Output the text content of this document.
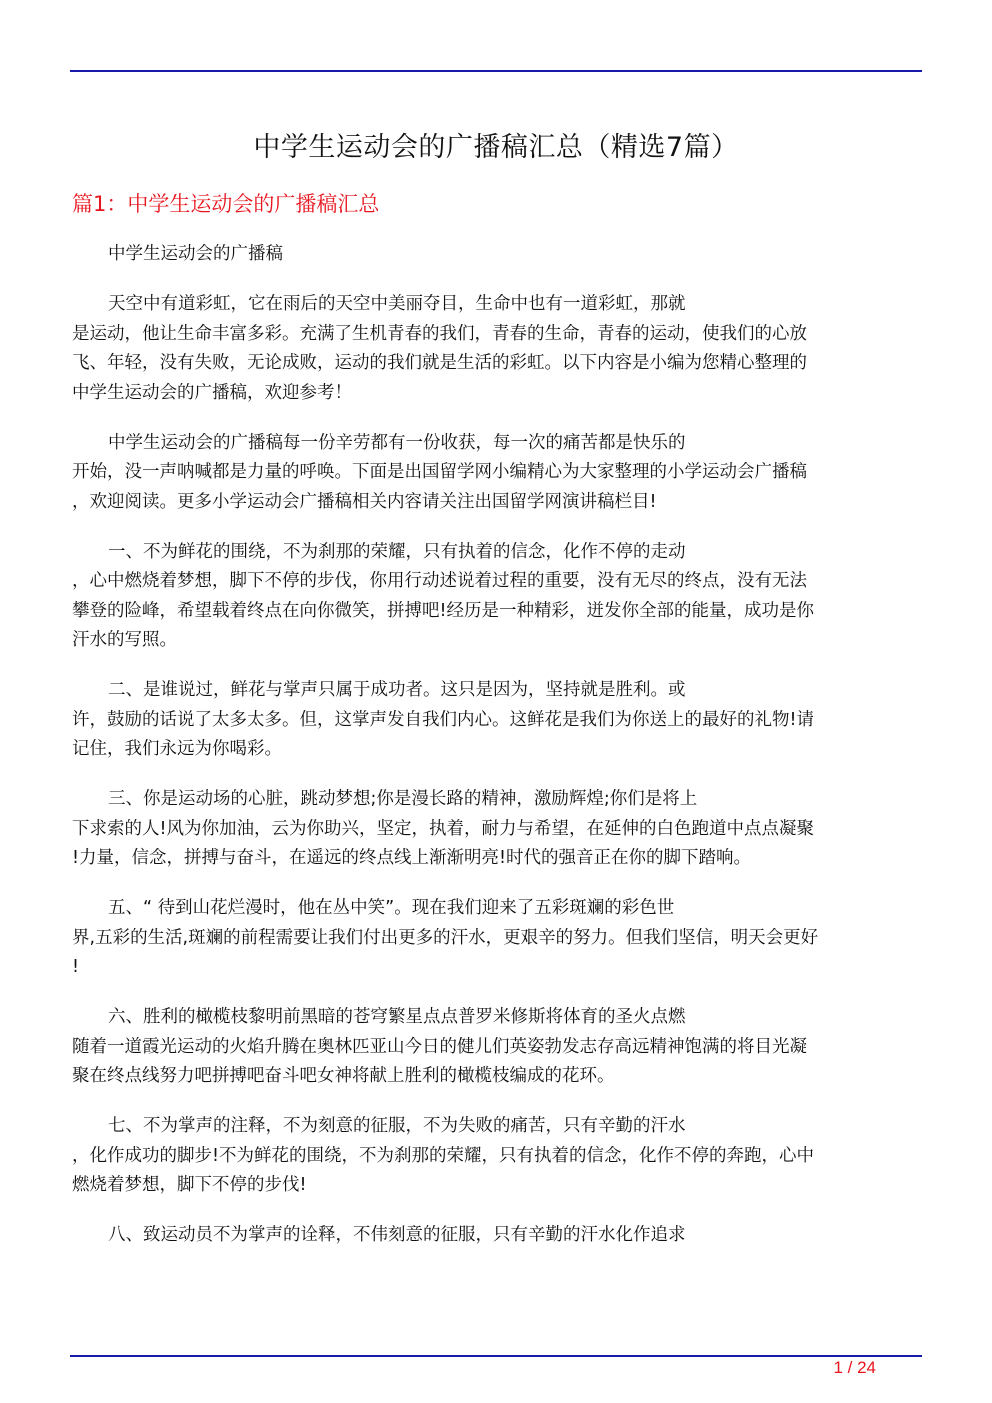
中学生运动会的广播稿汇总（精选7篇）
篇1：中学生运动会的广播稿汇总
中学生运动会的广播稿
天空中有道彩虹，它在雨后的天空中美丽夺目，生命中也有一道彩虹，那就
是运动，他让生命丰富多彩。充满了生机青春的我们，青春的生命，青春的运动，使我们的心放
飞、年轻，没有失败，无论成败，运动的我们就是生活的彩虹。以下内容是小编为您精心整理的
中学生运动会的广播稿，欢迎参考！
中学生运动会的广播稿每一份辛劳都有一份收获，每一次的痛苦都是快乐的
开始，没一声呐喊都是力量的呼唤。下面是出国留学网小编精心为大家整理的小学运动会广播稿
，欢迎阅读。更多小学运动会广播稿相关内容请关注出国留学网演讲稿栏目!
一、不为鲜花的围绕，不为刹那的荣耀，只有执着的信念，化作不停的走动
，心中燃烧着梦想，脚下不停的步伐，你用行动述说着过程的重要，没有无尽的终点，没有无法
攀登的险峰，希望载着终点在向你微笑，拼搏吧!经历是一种精彩，迸发你全部的能量，成功是你
汗水的写照。
二、是谁说过，鲜花与掌声只属于成功者。这只是因为，坚持就是胜利。或
许，鼓励的话说了太多太多。但，这掌声发自我们内心。这鲜花是我们为你送上的最好的礼物!请
记住，我们永远为你喝彩。
三、你是运动场的心脏，跳动梦想;你是漫长路的精神，激励辉煌;你们是将上
下求索的人!风为你加油，云为你助兴，坚定，执着，耐力与希望，在延伸的白色跑道中点点凝聚
!力量，信念，拼搏与奋斗，在遥远的终点线上渐渐明亮!时代的强音正在你的脚下踏响。
五、“ 待到山花烂漫时，他在丛中笑”。现在我们迎来了五彩斑斓的彩色世
界,五彩的生活,斑斓的前程需要让我们付出更多的汗水，更艰辛的努力。但我们坚信，明天会更好
!
六、胜利的橄榄枝黎明前黑暗的苍穹繁星点点普罗米修斯将体育的圣火点燃
随着一道霞光运动的火焰升腾在奥林匹亚山今日的健儿们英姿勃发志存高远精神饱满的将目光凝
聚在终点线努力吧拼搏吧奋斗吧女神将献上胜利的橄榄枝编成的花环。
七、不为掌声的注释，不为刻意的征服，不为失败的痛苦，只有辛勤的汗水
，化作成功的脚步!不为鲜花的围绕，不为刹那的荣耀，只有执着的信念，化作不停的奔跑，心中
燃烧着梦想，脚下不停的步伐!
八、致运动员不为掌声的诠释，不伟刻意的征服，只有辛勤的汗水化作追求
1 / 24
